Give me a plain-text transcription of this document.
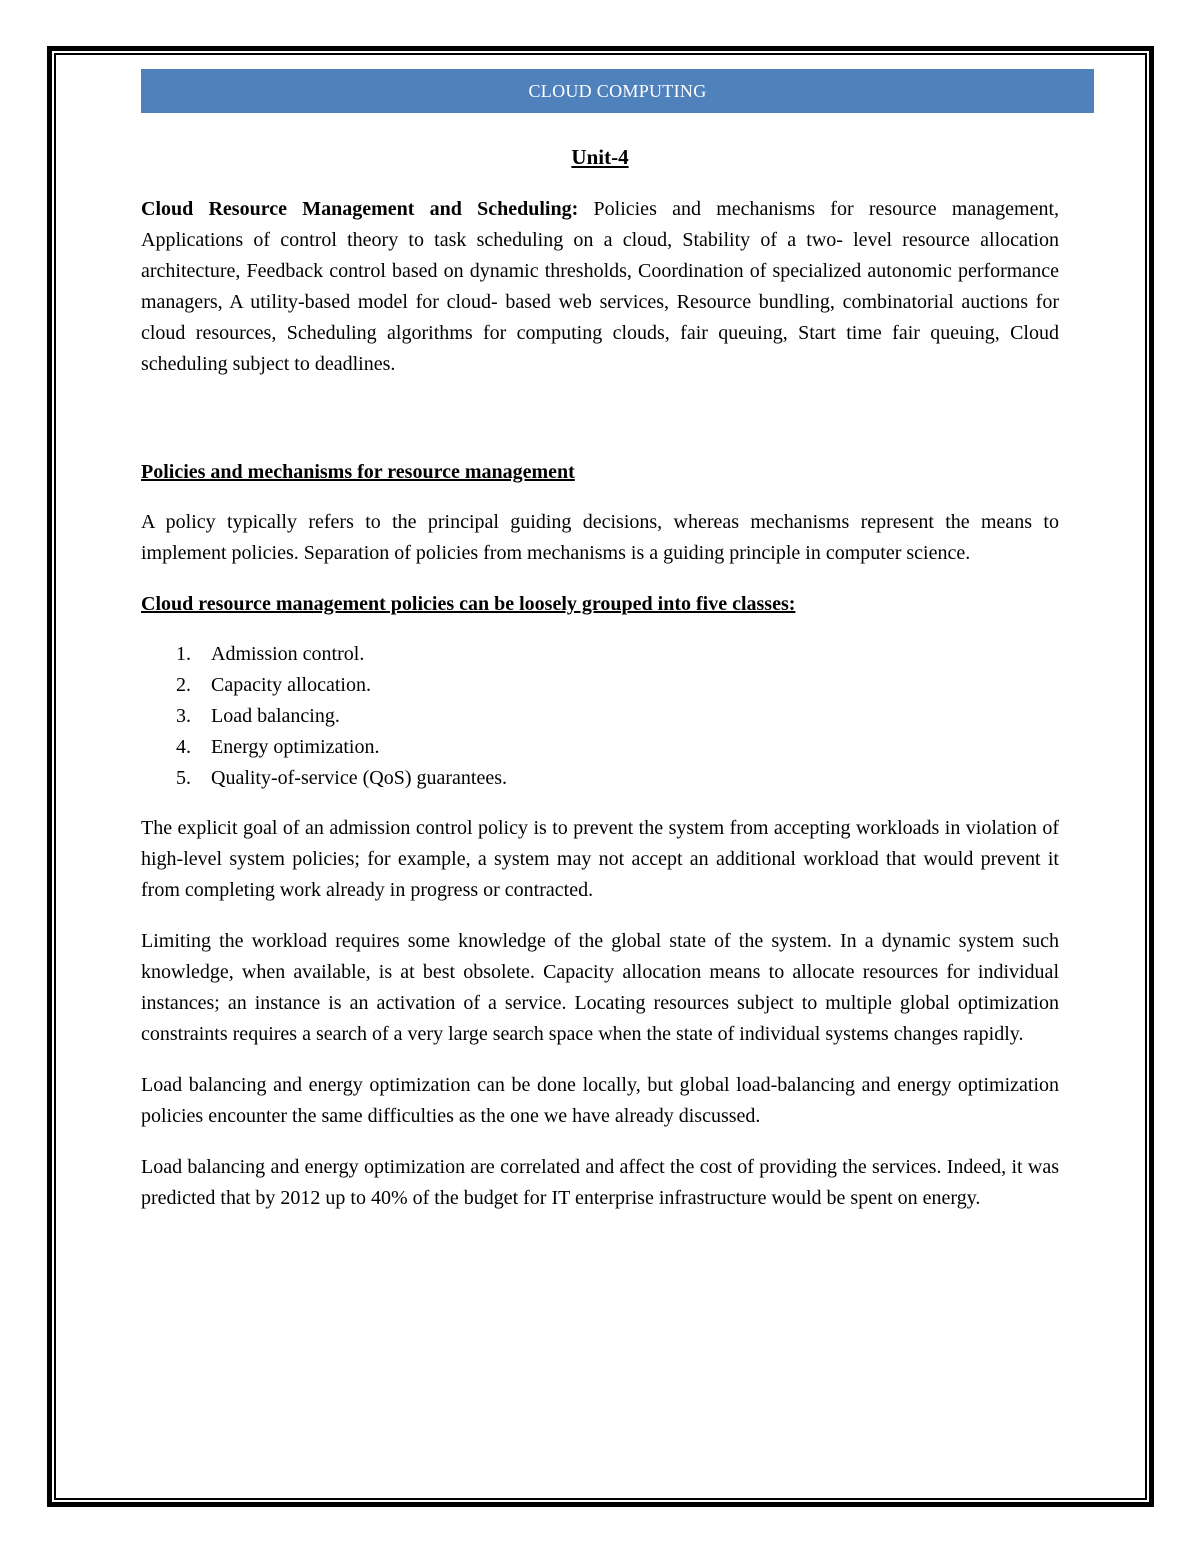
CLOUD COMPUTING
Unit-4

Cloud Resource Management and Scheduling: Policies and mechanisms for resource management, Applications of control theory to task scheduling on a cloud, Stability of a two- level resource allocation architecture, Feedback control based on dynamic thresholds, Coordination of specialized autonomic performance managers, A utility-based model for cloud- based web services, Resource bundling, combinatorial auctions for cloud resources, Scheduling algorithms for computing clouds, fair queuing, Start time fair queuing, Cloud scheduling subject to deadlines.

Policies and mechanisms for resource management

A policy typically refers to the principal guiding decisions, whereas mechanisms represent the means to implement policies. Separation of policies from mechanisms is a guiding principle in computer science.

Cloud resource management policies can be loosely grouped into five classes:
1.	Admission control.
2.	Capacity allocation.
3.	Load balancing.
4.	Energy optimization.
5.	Quality-of-service (QoS) guarantees.

The explicit goal of an admission control policy is to prevent the system from accepting workloads in violation of high-level system policies; for example, a system may not accept an additional workload that would prevent it from completing work already in progress or contracted.

Limiting the workload requires some knowledge of the global state of the system. In a dynamic system such knowledge, when available, is at best obsolete. Capacity allocation means to allocate resources for individual instances; an instance is an activation of a service. Locating resources subject to multiple global optimization constraints requires a search of a very large search space when the state of individual systems changes rapidly.

Load balancing and energy optimization can be done locally, but global load-balancing and energy optimization policies encounter the same difficulties as the one we have already discussed.

Load balancing and energy optimization are correlated and affect the cost of providing the services. Indeed, it was predicted that by 2012 up to 40% of the budget for IT enterprise infrastructure would be spent on energy.
